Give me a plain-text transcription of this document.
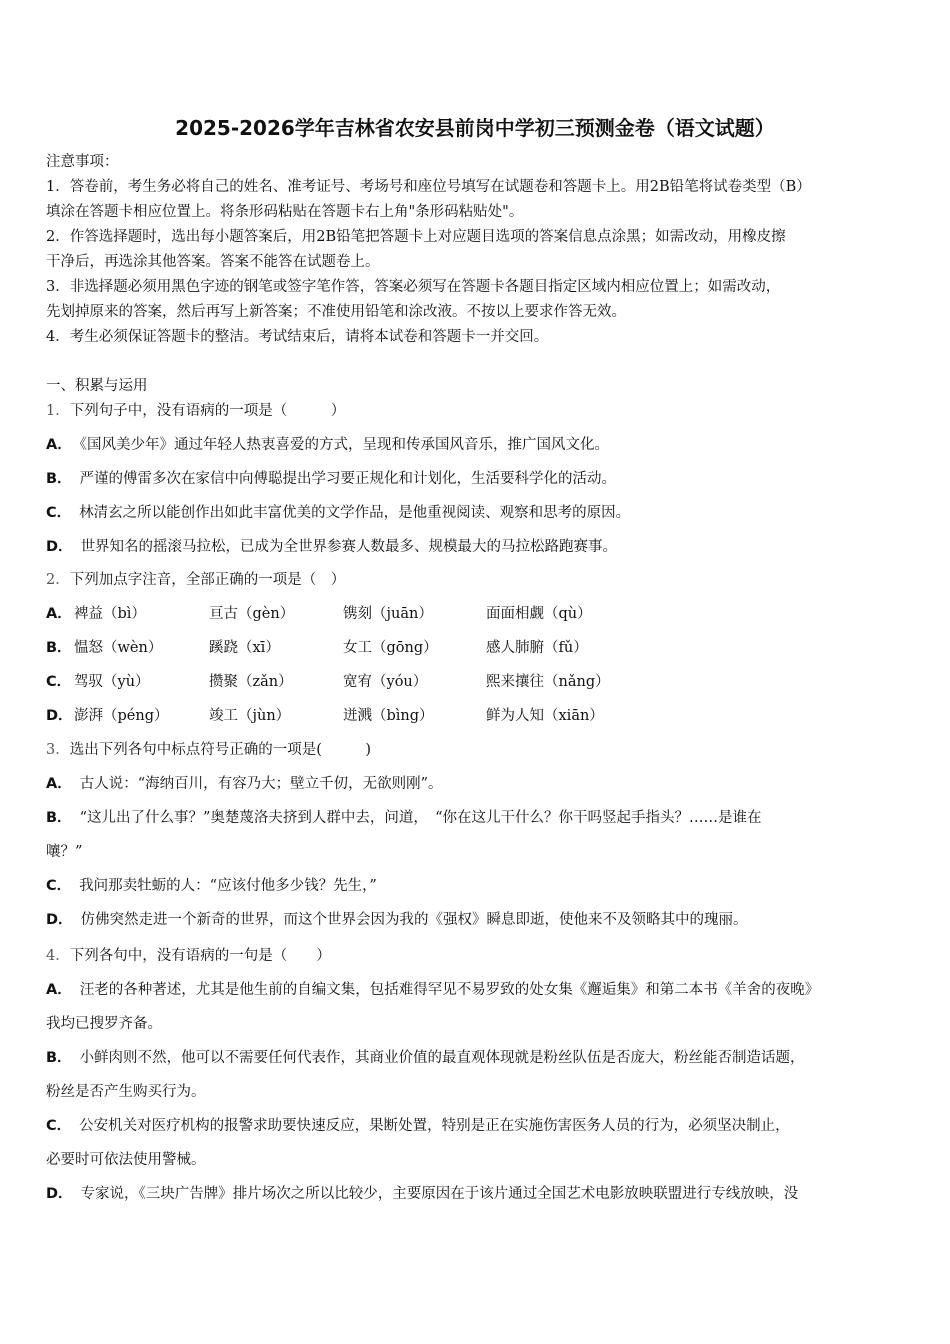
2025-2026学年吉林省农安县前岗中学初三预测金卷（语文试题）

注意事项：

1．答卷前，考生务必将自己的姓名、准考证号、考场号和座位号填写在试题卷和答题卡上。用2B铅笔将试卷类型（B）

填涂在答题卡相应位置上。将条形码粘贴在答题卡右上角"条形码粘贴处"。

2．作答选择题时，选出每小题答案后，用2B铅笔把答题卡上对应题目选项的答案信息点涂黑；如需改动，用橡皮擦

干净后，再选涂其他答案。答案不能答在试题卷上。

3．非选择题必须用黑色字迹的钢笔或签字笔作答，答案必须写在答题卡各题目指定区域内相应位置上；如需改动，

先划掉原来的答案，然后再写上新答案；不准使用铅笔和涂改液。不按以上要求作答无效。

4．考生必须保证答题卡的整洁。考试结束后，请将本试卷和答题卡一并交回。

一、积累与运用

1．下列句子中，没有语病的一项是（　　　）

A． 《国风美少年》通过年轻人热衷喜爱的方式，呈现和传承国风音乐，推广国风文化。

B． 严谨的傅雷多次在家信中向傅聪提出学习要正规化和计划化，生活要科学化的活动。

C． 林清玄之所以能创作出如此丰富优美的文学作品，是他重视阅读、观察和思考的原因。

D． 世界知名的摇滚马拉松，已成为全世界参赛人数最多、规模最大的马拉松路跑赛事。

2．下列加点字注音，全部正确的一项是（　）

A． 裨益（bì）	亘古（gèn）	镌刻（juān）	面面相觑（qù）
B． 愠怒（wèn）	蹊跷（xī）	女工（gōng）	感人肺腑（fǔ）
C． 驾驭（yù）	攒聚（zǎn）	宽宥（yóu）	熙来攘往（nǎng）
D． 澎湃（péng）	竣工（jùn）	迸溅（bìng）	鲜为人知（xiān）

3．选出下列各句中标点符号正确的一项是(　　　)

A． 古人说：“海纳百川，有容乃大；壁立千仞，无欲则刚”。

B． “这儿出了什么事？”奥楚蔑洛夫挤到人群中去，问道，　“你在这儿干什么？你干吗竖起手指头？……是谁在

嚷？”

C． 我问那卖牡蛎的人：“应该付他多少钱？先生，”

D． 仿佛突然走进一个新奇的世界，而这个世界会因为我的《强权》瞬息即逝，使他来不及领略其中的瑰丽。

4．下列各句中，没有语病的一句是（　　）

A． 汪老的各种著述，尤其是他生前的自编文集，包括难得罕见不易罗致的处女集《邂逅集》和第二本书《羊舍的夜晚》

我均已搜罗齐备。

B． 小鲜肉则不然，他可以不需要任何代表作，其商业价值的最直观体现就是粉丝队伍是否庞大，粉丝能否制造话题，

粉丝是否产生购买行为。

C． 公安机关对医疗机构的报警求助要快速反应，果断处置，特别是正在实施伤害医务人员的行为，必须坚决制止，

必要时可依法使用警械。

D． 专家说，《三块广告牌》排片场次之所以比较少，主要原因在于该片通过全国艺术电影放映联盟进行专线放映，没
